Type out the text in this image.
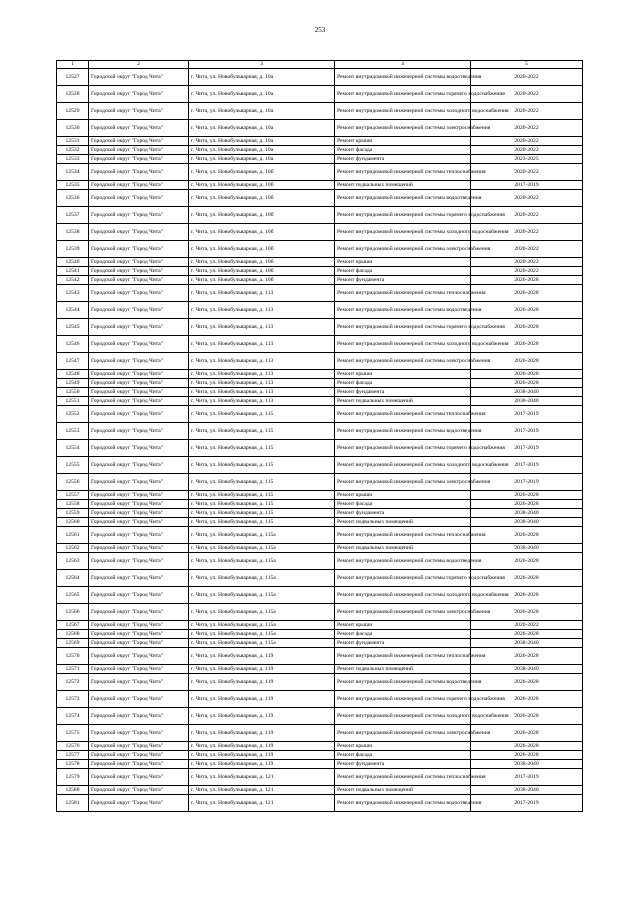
253
1	2	3	4	5
12527	Городской округ "Город Чита"	г. Чита, ул. Новобульварная, д. 10а	Ремонт внутридомовой инженерной системы водоотведения	2020-2022
12528	Городской округ "Город Чита"	г. Чита, ул. Новобульварная, д. 10а	Ремонт внутридомовой инженерной системы горячего водоснабжения	2020-2022
12529	Городской округ "Город Чита"	г. Чита, ул. Новобульварная, д. 10а	Ремонт внутридомовой инженерной системы холодного водоснабжения	2020-2022
12530	Городской округ "Город Чита"	г. Чита, ул. Новобульварная, д. 10а	Ремонт внутридомовой инженерной системы электроснабжения	2020-2022
12531	Городской округ "Город Чита"	г. Чита, ул. Новобульварная, д. 10а	Ремонт крыши	2020-2022
12532	Городской округ "Город Чита"	г. Чита, ул. Новобульварная, д. 10а	Ремонт фасада	2020-2022
12533	Городской округ "Город Чита"	г. Чита, ул. Новобульварная, д. 10а	Ремонт фундамента	2023-2025
12534	Городской округ "Город Чита"	г. Чита, ул. Новобульварная, д. 10б	Ремонт внутридомовой инженерной системы теплоснабжения	2020-2022
12535	Городской округ "Город Чита"	г. Чита, ул. Новобульварная, д. 10б	Ремонт подвальных помещений	2017-2019
12536	Городской округ "Город Чита"	г. Чита, ул. Новобульварная, д. 10б	Ремонт внутридомовой инженерной системы водоотведения	2020-2022
12537	Городской округ "Город Чита"	г. Чита, ул. Новобульварная, д. 10б	Ремонт внутридомовой инженерной системы горячего водоснабжения	2020-2022
12538	Городской округ "Город Чита"	г. Чита, ул. Новобульварная, д. 10б	Ремонт внутридомовой инженерной системы холодного водоснабжения	2020-2022
12539	Городской округ "Город Чита"	г. Чита, ул. Новобульварная, д. 10б	Ремонт внутридомовой инженерной системы электроснабжения	2020-2022
12540	Городской округ "Город Чита"	г. Чита, ул. Новобульварная, д. 10б	Ремонт крыши	2020-2022
12541	Городской округ "Город Чита"	г. Чита, ул. Новобульварная, д. 10б	Ремонт фасада	2020-2022
12542	Городской округ "Город Чита"	г. Чита, ул. Новобульварная, д. 10б	Ремонт фундамента	2026-2028
12543	Городской округ "Город Чита"	г. Чита, ул. Новобульварная, д. 113	Ремонт внутридомовой инженерной системы теплоснабжения	2026-2028
12544	Городской округ "Город Чита"	г. Чита, ул. Новобульварная, д. 113	Ремонт внутридомовой инженерной системы водоотведения	2026-2028
12545	Городской округ "Город Чита"	г. Чита, ул. Новобульварная, д. 113	Ремонт внутридомовой инженерной системы горячего водоснабжения	2026-2028
12546	Городской округ "Город Чита"	г. Чита, ул. Новобульварная, д. 113	Ремонт внутридомовой инженерной системы холодного водоснабжения	2026-2028
12547	Городской округ "Город Чита"	г. Чита, ул. Новобульварная, д. 113	Ремонт внутридомовой инженерной системы электроснабжения	2026-2028
12548	Городской округ "Город Чита"	г. Чита, ул. Новобульварная, д. 113	Ремонт крыши	2026-2028
12549	Городской округ "Город Чита"	г. Чита, ул. Новобульварная, д. 113	Ремонт фасада	2026-2028
12550	Городской округ "Город Чита"	г. Чита, ул. Новобульварная, д. 113	Ремонт фундамента	2038-2040
12551	Городской округ "Город Чита"	г. Чита, ул. Новобульварная, д. 113	Ремонт подвальных помещений	2038-2040
12552	Городской округ "Город Чита"	г. Чита, ул. Новобульварная, д. 115	Ремонт внутридомовой инженерной системы теплоснабжения	2017-2019
12553	Городской округ "Город Чита"	г. Чита, ул. Новобульварная, д. 115	Ремонт внутридомовой инженерной системы водоотведения	2017-2019
12554	Городской округ "Город Чита"	г. Чита, ул. Новобульварная, д. 115	Ремонт внутридомовой инженерной системы горячего водоснабжения	2017-2019
12555	Городской округ "Город Чита"	г. Чита, ул. Новобульварная, д. 115	Ремонт внутридомовой инженерной системы холодного водоснабжения	2017-2019
12556	Городской округ "Город Чита"	г. Чита, ул. Новобульварная, д. 115	Ремонт внутридомовой инженерной системы электроснабжения	2017-2019
12557	Городской округ "Город Чита"	г. Чита, ул. Новобульварная, д. 115	Ремонт крыши	2026-2028
12558	Городской округ "Город Чита"	г. Чита, ул. Новобульварная, д. 115	Ремонт фасада	2026-2028
12559	Городской округ "Город Чита"	г. Чита, ул. Новобульварная, д. 115	Ремонт фундамента	2038-2040
12560	Городской округ "Город Чита"	г. Чита, ул. Новобульварная, д. 115	Ремонт подвальных помещений	2038-2040
12561	Городской округ "Город Чита"	г. Чита, ул. Новобульварная, д. 115а	Ремонт внутридомовой инженерной системы теплоснабжения	2026-2028
12562	Городской округ "Город Чита"	г. Чита, ул. Новобульварная, д. 115а	Ремонт подвальных помещений	2038-2040
12563	Городской округ "Город Чита"	г. Чита, ул. Новобульварная, д. 115а	Ремонт внутридомовой инженерной системы водоотведения	2026-2028
12564	Городской округ "Город Чита"	г. Чита, ул. Новобульварная, д. 115а	Ремонт внутридомовой инженерной системы горячего водоснабжения	2026-2028
12565	Городской округ "Город Чита"	г. Чита, ул. Новобульварная, д. 115а	Ремонт внутридомовой инженерной системы холодного водоснабжения	2026-2028
12566	Городской округ "Город Чита"	г. Чита, ул. Новобульварная, д. 115а	Ремонт внутридомовой инженерной системы электроснабжения	2026-2028
12567	Городской округ "Город Чита"	г. Чита, ул. Новобульварная, д. 115а	Ремонт крыши	2020-2022
12568	Городской округ "Город Чита"	г. Чита, ул. Новобульварная, д. 115а	Ремонт фасада	2026-2028
12569	Городской округ "Город Чита"	г. Чита, ул. Новобульварная, д. 115а	Ремонт фундамента	2038-2040
12570	Городской округ "Город Чита"	г. Чита, ул. Новобульварная, д. 119	Ремонт внутридомовой инженерной системы теплоснабжения	2026-2028
12571	Городской округ "Город Чита"	г. Чита, ул. Новобульварная, д. 119	Ремонт подвальных помещений	2038-2040
12572	Городской округ "Город Чита"	г. Чита, ул. Новобульварная, д. 119	Ремонт внутридомовой инженерной системы водоотведения	2026-2028
12573	Городской округ "Город Чита"	г. Чита, ул. Новобульварная, д. 119	Ремонт внутридомовой инженерной системы горячего водоснабжения	2026-2028
12574	Городской округ "Город Чита"	г. Чита, ул. Новобульварная, д. 119	Ремонт внутридомовой инженерной системы холодного водоснабжения	2026-2028
12575	Городской округ "Город Чита"	г. Чита, ул. Новобульварная, д. 119	Ремонт внутридомовой инженерной системы электроснабжения	2026-2028
12576	Городской округ "Город Чита"	г. Чита, ул. Новобульварная, д. 119	Ремонт крыши	2026-2028
12577	Городской округ "Город Чита"	г. Чита, ул. Новобульварная, д. 119	Ремонт фасада	2026-2028
12578	Городской округ "Город Чита"	г. Чита, ул. Новобульварная, д. 119	Ремонт фундамента	2038-2040
12579	Городской округ "Город Чита"	г. Чита, ул. Новобульварная, д. 121	Ремонт внутридомовой инженерной системы теплоснабжения	2017-2019
12580	Городской округ "Город Чита"	г. Чита, ул. Новобульварная, д. 121	Ремонт подвальных помещений	2038-2040
12581	Городской округ "Город Чита"	г. Чита, ул. Новобульварная, д. 121	Ремонт внутридомовой инженерной системы водоотведения	2017-2019
